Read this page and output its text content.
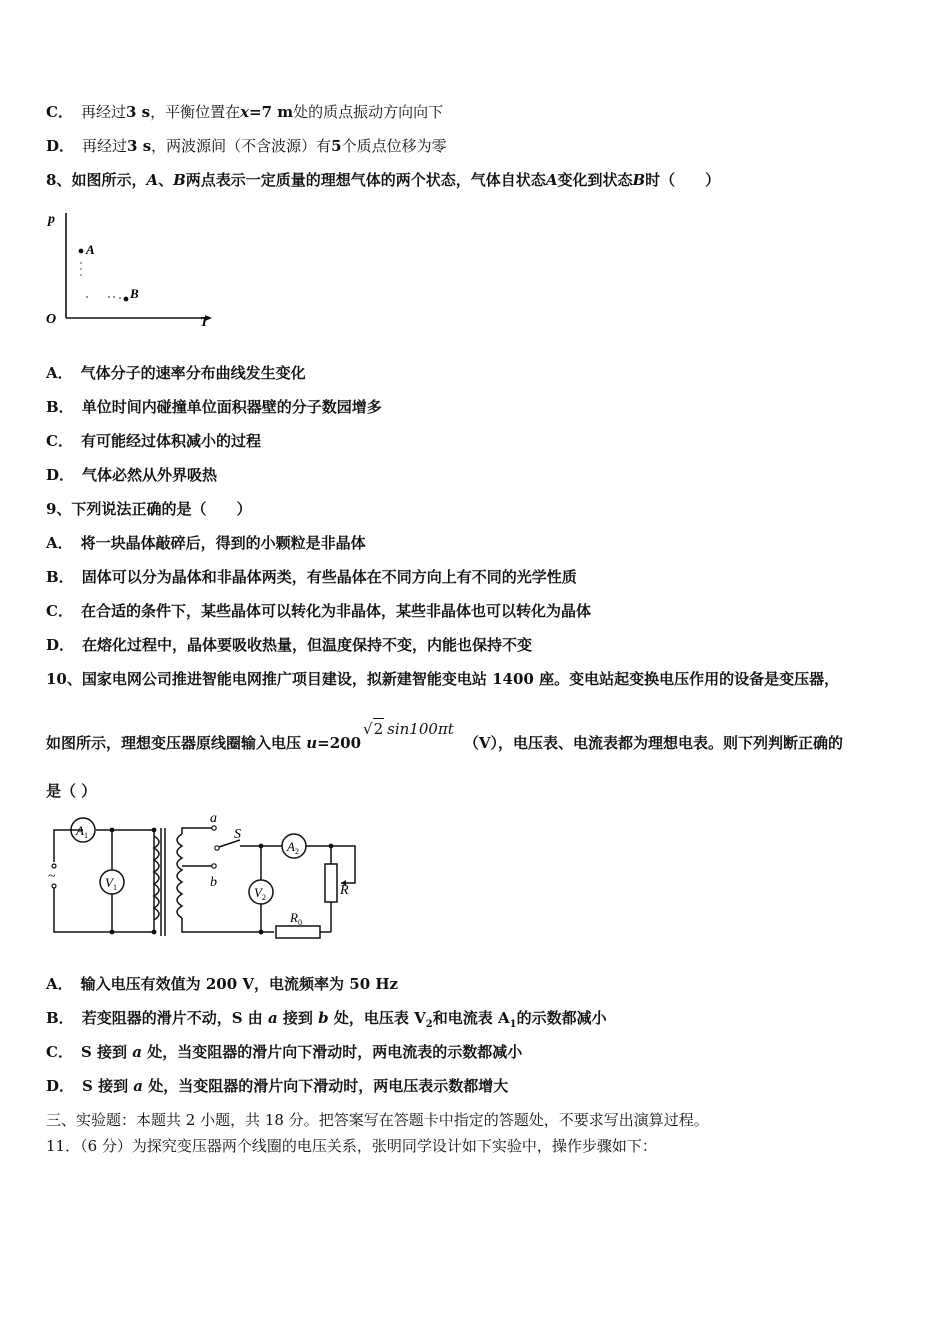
C． 再经过3 s，平衡位置在x=7 m处的质点振动方向向下
D． 再经过3 s，两波源间（不含波源）有5个质点位移为零
8、如图所示，A、B两点表示一定质量的理想气体的两个状态，气体自状态A变化到状态B时（　　）
p
O	T
A
B
A． 气体分子的速率分布曲线发生变化
B． 单位时间内碰撞单位面积器壁的分子数园增多
C． 有可能经过体积减小的过程
D． 气体必然从外界吸热
9、下列说法正确的是（　　）
A． 将一块晶体敲碎后，得到的小颗粒是非晶体
B． 固体可以分为晶体和非晶体两类，有些晶体在不同方向上有不同的光学性质
C． 在合适的条件下，某些晶体可以转化为非晶体，某些非晶体也可以转化为晶体
D． 在熔化过程中，晶体要吸收热量，但温度保持不变，内能也保持不变
10、国家电网公司推进智能电网推广项目建设，拟新建智能变电站 1400 座。变电站起变换电压作用的设备是变压器，
如图所示，理想变压器原线圈输入电压 u=200√2 sin100πt（V），电压表、电流表都为理想电表。则下列判断正确的
是（ ）
~
$A_1$
$V_1$
$A_2$
$V_2$
a
b
S
R
$R_0$
A． 输入电压有效值为 200 V，电流频率为 50 Hz
B． 若变阻器的滑片不动，S 由 a 接到 b 处，电压表 $V_2$和电流表 $A_1$的示数都减小
C． S 接到 a 处，当变阻器的滑片向下滑动时，两电流表的示数都减小
D． S 接到 a 处，当变阻器的滑片向下滑动时，两电压表示数都增大
三、实验题：本题共 2 小题，共 18 分。把答案写在答题卡中指定的答题处，不要求写出演算过程。
11．（6 分）为探究变压器两个线圈的电压关系，张明同学设计如下实验中，操作步骤如下：
